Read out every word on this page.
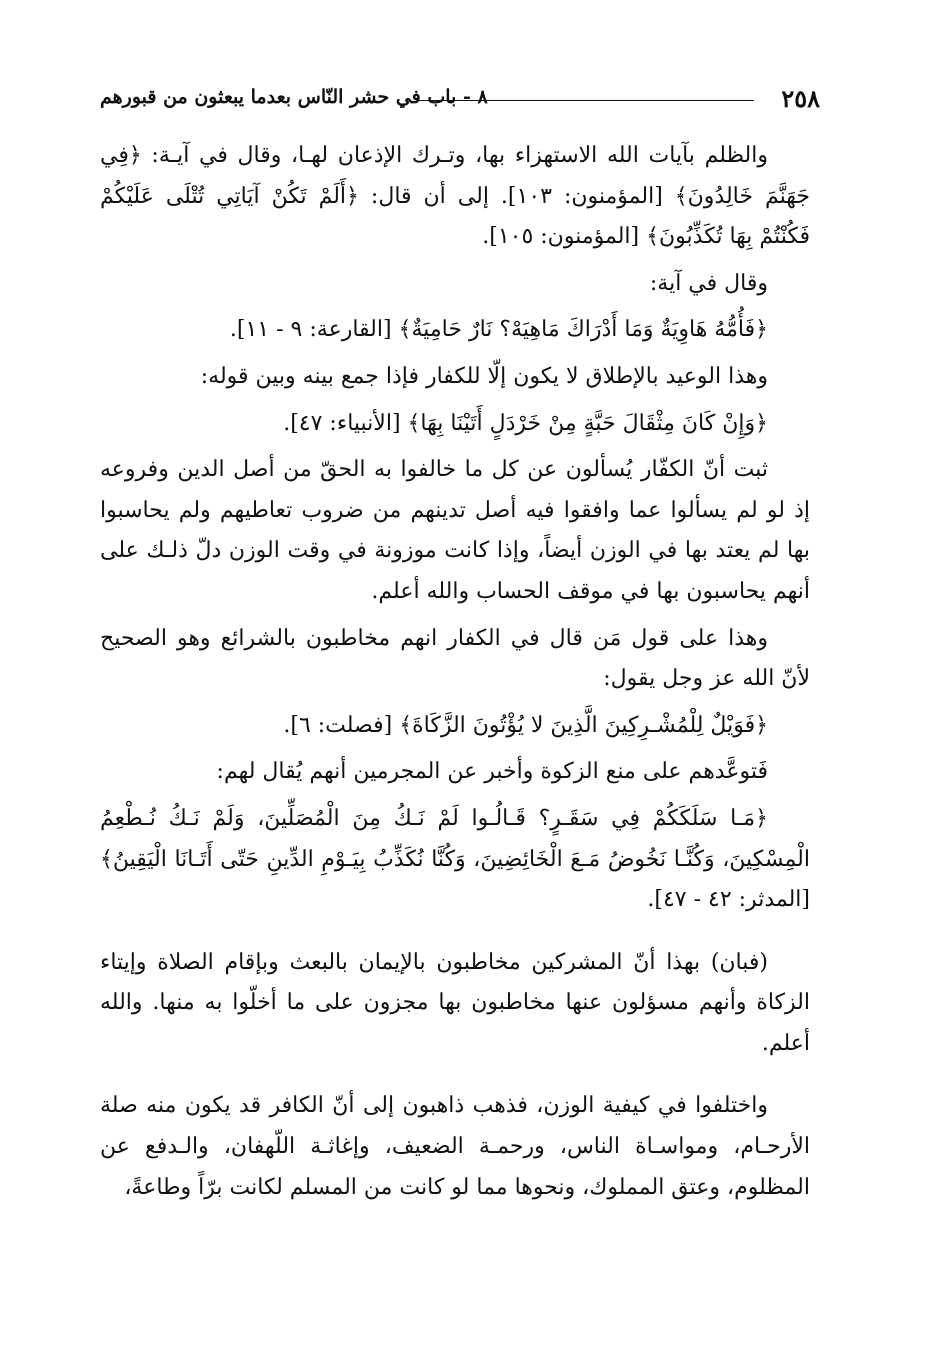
٢٥٨
٨ - باب في حشر النّاس بعدما يبعثون من قبورهم

والظلم بآيات الله الاستهزاء بها، وتـرك الإذعان لهـا، وقال في آيـة: ﴿فِي جَهَنَّمَ خَالِدُونَ﴾ [المؤمنون: ١٠٣]. إلى أن قال: ﴿أَلَمْ تَكُنْ آيَاتِي تُتْلَى عَلَيْكُمْ فَكُنْتُمْ بِهَا تُكَذِّبُونَ﴾ [المؤمنون: ١٠٥].

وقال في آية:

﴿فَأُمُّهُ هَاوِيَةٌ وَمَا أَدْرَاكَ مَاهِيَهْ؟ نَارٌ حَامِيَةٌ﴾ [القارعة: ٩ - ١١].

وهذا الوعيد بالإطلاق لا يكون إلّا للكفار فإذا جمع بينه وبين قوله:

﴿وَإِنْ كَانَ مِثْقَالَ حَبَّةٍ مِنْ خَرْدَلٍ أَتَيْنَا بِهَا﴾ [الأنبياء: ٤٧].

ثبت أنّ الكفّار يُسألون عن كل ما خالفوا به الحقّ من أصل الدين وفروعه إذ لو لم يسألوا عما وافقوا فيه أصل تدينهم من ضروب تعاطيهم ولم يحاسبوا بها لم يعتد بها في الوزن أيضاً، وإذا كانت موزونة في وقت الوزن دلّ ذلـك على أنهم يحاسبون بها في موقف الحساب والله أعلم.

وهذا على قول مَن قال في الكفار انهم مخاطبون بالشرائع وهو الصحيح لأنّ الله عز وجل يقول:

﴿فَوَيْلٌ لِلْمُشْـرِكِينَ الَّذِينَ لا يُؤْتُونَ الزَّكَاةَ﴾ [فصلت: ٦].

فَتوعَّدهم على منع الزكوة وأخبر عن المجرمين أنهم يُقال لهم:

﴿مَـا سَلَكَكُمْ فِي سَقَـرٍ؟ قَـالُـوا لَمْ نَـكُ مِنَ الْمُصَلِّينَ، وَلَمْ نَـكُ نُـطْعِمُ الْمِسْكِينَ، وَكُنَّـا نَخُوضُ مَـعَ الْخَائِضِينَ، وَكُنَّا نُكَذِّبُ بِيَـوْمِ الدِّينِ حَتّى أَتَـانَا الْيَقِينُ﴾ [المدثر: ٤٢ - ٤٧].

(فبان) بهذا أنّ المشركين مخاطبون بالإيمان بالبعث وبإقام الصلاة وإيتاء الزكاة وأنهم مسؤلون عنها مخاطبون بها مجزون على ما أخلّوا به منها. والله أعلم.

واختلفوا في كيفية الوزن، فذهب ذاهبون إلى أنّ الكافر قد يكون منه صلة الأرحـام، ومواسـاة الناس، ورحمـة الضعيف، وإغاثـة اللّهفان، والـدفع عن المظلوم، وعتق المملوك، ونحوها مما لو كانت من المسلم لكانت برّاً وطاعةً،
